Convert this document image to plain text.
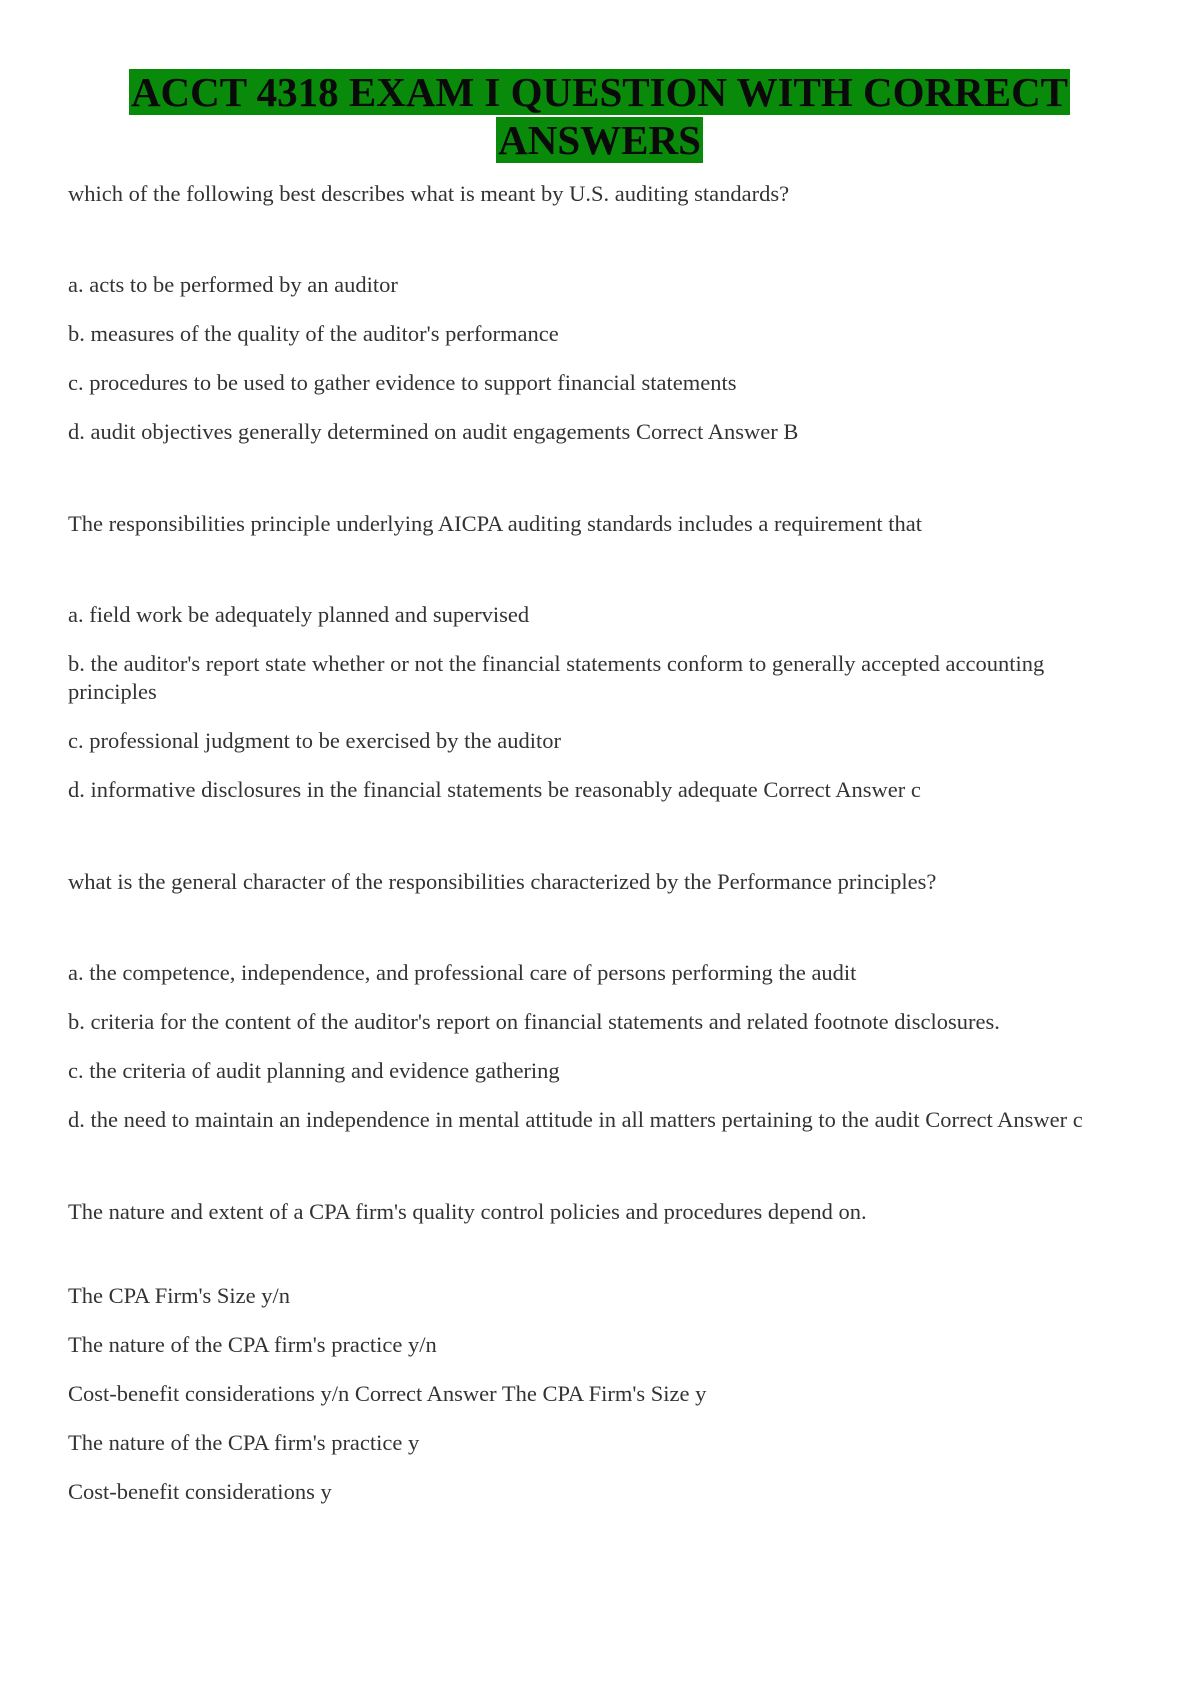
ACCT 4318 EXAM I QUESTION WITH CORRECT ANSWERS

which of the following best describes what is meant by U.S. auditing standards?

a. acts to be performed by an auditor

b. measures of the quality of the auditor's performance

c. procedures to be used to gather evidence to support financial statements

d. audit objectives generally determined on audit engagements Correct Answer B

The responsibilities principle underlying AICPA auditing standards includes a requirement that

a. field work be adequately planned and supervised

b. the auditor's report state whether or not the financial statements conform to generally accepted accounting principles

c. professional judgment to be exercised by the auditor

d. informative disclosures in the financial statements be reasonably adequate Correct Answer c

what is the general character of the responsibilities characterized by the Performance principles?

a. the competence, independence, and professional care of persons performing the audit

b. criteria for the content of the auditor's report on financial statements and related footnote disclosures.

c. the criteria of audit planning and evidence gathering

d. the need to maintain an independence in mental attitude in all matters pertaining to the audit Correct Answer c

The nature and extent of a CPA firm's quality control policies and procedures depend on.

The CPA Firm's Size y/n

The nature of the CPA firm's practice y/n

Cost-benefit considerations y/n Correct Answer The CPA Firm's Size y

The nature of the CPA firm's practice y

Cost-benefit considerations y
